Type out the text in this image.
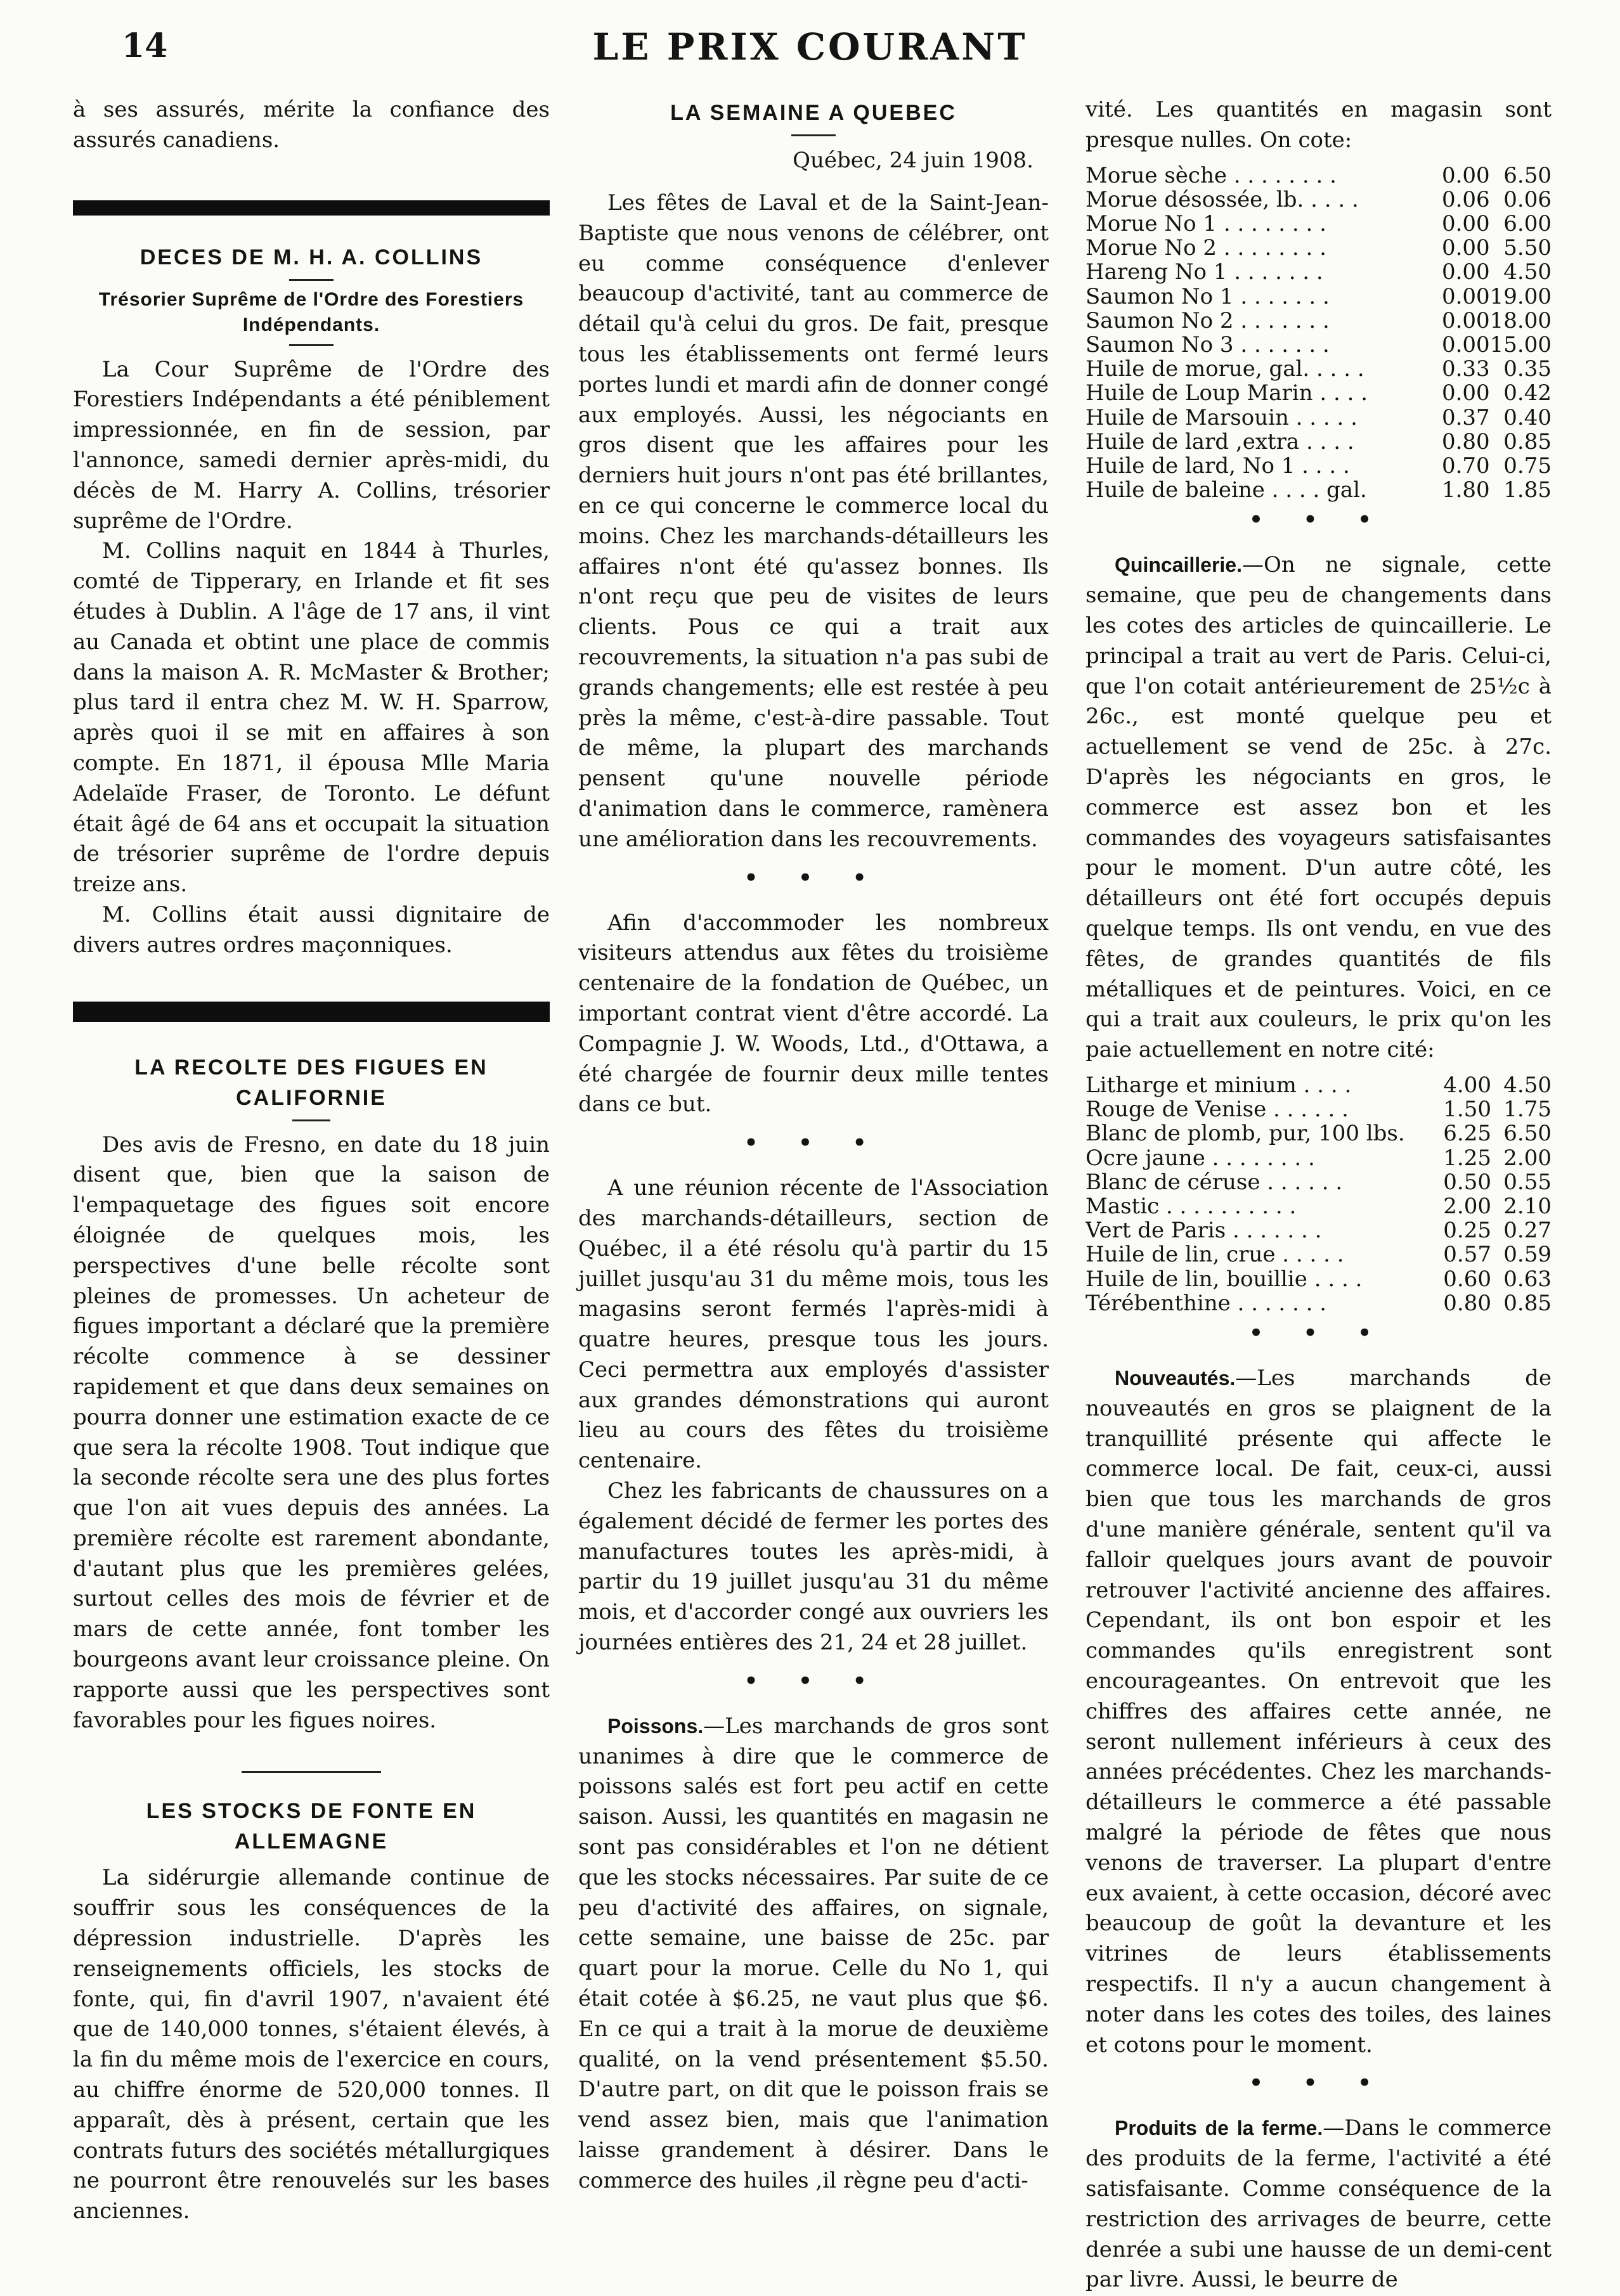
14	LE PRIX COURANT

à ses assurés, mérite la confiance des assurés canadiens.

DECES DE M. H. A. COLLINS
Trésorier Suprême de l'Ordre des Forestiers Indépendants.

La Cour Suprême de l'Ordre des Forestiers Indépendants a été péniblement impressionnée, en fin de session, par l'annonce, samedi dernier après-midi, du décès de M. Harry A. Collins, trésorier suprême de l'Ordre.

M. Collins naquit en 1844 à Thurles, comté de Tipperary, en Irlande et fit ses études à Dublin. A l'âge de 17 ans, il vint au Canada et obtint une place de commis dans la maison A. R. McMaster & Brother; plus tard il entra chez M. W. H. Sparrow, après quoi il se mit en affaires à son compte. En 1871, il épousa Mlle Maria Adelaïde Fraser, de Toronto. Le défunt était âgé de 64 ans et occupait la situation de trésorier suprême de l'ordre depuis treize ans.

M. Collins était aussi dignitaire de divers autres ordres maçonniques.

LA RECOLTE DES FIGUES EN CALIFORNIE

Des avis de Fresno, en date du 18 juin disent que, bien que la saison de l'empaquetage des figues soit encore éloignée de quelques mois, les perspectives d'une belle récolte sont pleines de promesses. Un acheteur de figues important a déclaré que la première récolte commence à se dessiner rapidement et que dans deux semaines on pourra donner une estimation exacte de ce que sera la récolte 1908. Tout indique que la seconde récolte sera une des plus fortes que l'on ait vues depuis des années. La première récolte est rarement abondante, d'autant plus que les premières gelées, surtout celles des mois de février et de mars de cette année, font tomber les bourgeons avant leur croissance pleine. On rapporte aussi que les perspectives sont favorables pour les figues noires.

LES STOCKS DE FONTE EN ALLEMAGNE

La sidérurgie allemande continue de souffrir sous les conséquences de la dépression industrielle. D'après les renseignements officiels, les stocks de fonte, qui, fin d'avril 1907, n'avaient été que de 140,000 tonnes, s'étaient élevés, à la fin du même mois de l'exercice en cours, au chiffre énorme de 520,000 tonnes. Il apparaît, dès à présent, certain que les contrats futurs des sociétés métallurgiques ne pourront être renouvelés sur les bases anciennes.

LA SEMAINE A QUEBEC
Québec, 24 juin 1908.

Les fêtes de Laval et de la Saint-Jean-Baptiste que nous venons de célébrer, ont eu comme conséquence d'enlever beaucoup d'activité, tant au commerce de détail qu'à celui du gros. De fait, presque tous les établissements ont fermé leurs portes lundi et mardi afin de donner congé aux employés. Aussi, les négociants en gros disent que les affaires pour les derniers huit jours n'ont pas été brillantes, en ce qui concerne le commerce local du moins. Chez les marchands-détailleurs les affaires n'ont été qu'assez bonnes. Ils n'ont reçu que peu de visites de leurs clients. Pous ce qui a trait aux recouvrements, la situation n'a pas subi de grands changements; elle est restée à peu près la même, c'est-à-dire passable. Tout de même, la plupart des marchands pensent qu'une nouvelle période d'animation dans le commerce, ramènera une amélioration dans les recouvrements.

• • •

Afin d'accommoder les nombreux visiteurs attendus aux fêtes du troisième centenaire de la fondation de Québec, un important contrat vient d'être accordé. La Compagnie J. W. Woods, Ltd., d'Ottawa, a été chargée de fournir deux mille tentes dans ce but.

• • •

A une réunion récente de l'Association des marchands-détailleurs, section de Québec, il a été résolu qu'à partir du 15 juillet jusqu'au 31 du même mois, tous les magasins seront fermés l'après-midi à quatre heures, presque tous les jours. Ceci permettra aux employés d'assister aux grandes démonstrations qui auront lieu au cours des fêtes du troisième centenaire.

Chez les fabricants de chaussures on a également décidé de fermer les portes des manufactures toutes les après-midi, à partir du 19 juillet jusqu'au 31 du même mois, et d'accorder congé aux ouvriers les journées entières des 21, 24 et 28 juillet.

• • •

Poissons.—Les marchands de gros sont unanimes à dire que le commerce de poissons salés est fort peu actif en cette saison. Aussi, les quantités en magasin ne sont pas considérables et l'on ne détient que les stocks nécessaires. Par suite de ce peu d'activité des affaires, on signale, cette semaine, une baisse de 25c. par quart pour la morue. Celle du No 1, qui était cotée à $6.25, ne vaut plus que $6. En ce qui a trait à la morue de deuxième qualité, on la vend présentement $5.50. D'autre part, on dit que le poisson frais se vend assez bien, mais que l'animation laisse grandement à désirer. Dans le commerce des huiles ,il règne peu d'acti-

vité. Les quantités en magasin sont presque nulles. On cote:

Morue sèche . . . . . . . .	0.00	6.50
Morue désossée, lb. . . . .	0.06	0.06
Morue No 1 . . . . . . . .	0.00	6.00
Morue No 2 . . . . . . . .	0.00	5.50
Hareng No 1 . . . . . . .	0.00	4.50
Saumon No 1 . . . . . . .	0.00	19.00
Saumon No 2 . . . . . . .	0.00	18.00
Saumon No 3 . . . . . . .	0.00	15.00
Huile de morue, gal. . . . .	0.33	0.35
Huile de Loup Marin . . . .	0.00	0.42
Huile de Marsouin . . . . .	0.37	0.40
Huile de lard ,extra . . . .	0.80	0.85
Huile de lard, No 1 . . . .	0.70	0.75
Huile de baleine . . . . gal.	1.80	1.85
• • •

Quincaillerie.—On ne signale, cette semaine, que peu de changements dans les cotes des articles de quincaillerie. Le principal a trait au vert de Paris. Celui-ci, que l'on cotait antérieurement de 25½c à 26c., est monté quelque peu et actuellement se vend de 25c. à 27c. D'après les négociants en gros, le commerce est assez bon et les commandes des voyageurs satisfaisantes pour le moment. D'un autre côté, les détailleurs ont été fort occupés depuis quelque temps. Ils ont vendu, en vue des fêtes, de grandes quantités de fils métalliques et de peintures. Voici, en ce qui a trait aux couleurs, le prix qu'on les paie actuellement en notre cité:

Litharge et minium . . . .	4.00	4.50
Rouge de Venise . . . . . .	1.50	1.75
Blanc de plomb, pur, 100 lbs.	6.25	6.50
Ocre jaune . . . . . . . .	1.25	2.00
Blanc de céruse . . . . . .	0.50	0.55
Mastic . . . . . . . . . .	2.00	2.10
Vert de Paris . . . . . . .	0.25	0.27
Huile de lin, crue . . . . .	0.57	0.59
Huile de lin, bouillie . . . .	0.60	0.63
Térébenthine . . . . . . .	0.80	0.85
• • •

Nouveautés.—Les marchands de nouveautés en gros se plaignent de la tranquillité présente qui affecte le commerce local. De fait, ceux-ci, aussi bien que tous les marchands de gros d'une manière générale, sentent qu'il va falloir quelques jours avant de pouvoir retrouver l'activité ancienne des affaires. Cependant, ils ont bon espoir et les commandes qu'ils enregistrent sont encourageantes. On entrevoit que les chiffres des affaires cette année, ne seront nullement inférieurs à ceux des années précédentes. Chez les marchands-détailleurs le commerce a été passable malgré la période de fêtes que nous venons de traverser. La plupart d'entre eux avaient, à cette occasion, décoré avec beaucoup de goût la devanture et les vitrines de leurs établissements respectifs. Il n'y a aucun changement à noter dans les cotes des toiles, des laines et cotons pour le moment.

• • •

Produits de la ferme.—Dans le commerce des produits de la ferme, l'activité a été satisfaisante. Comme conséquence de la restriction des arrivages de beurre, cette denrée a subi une hausse de un demi-cent par livre. Aussi, le beurre de
